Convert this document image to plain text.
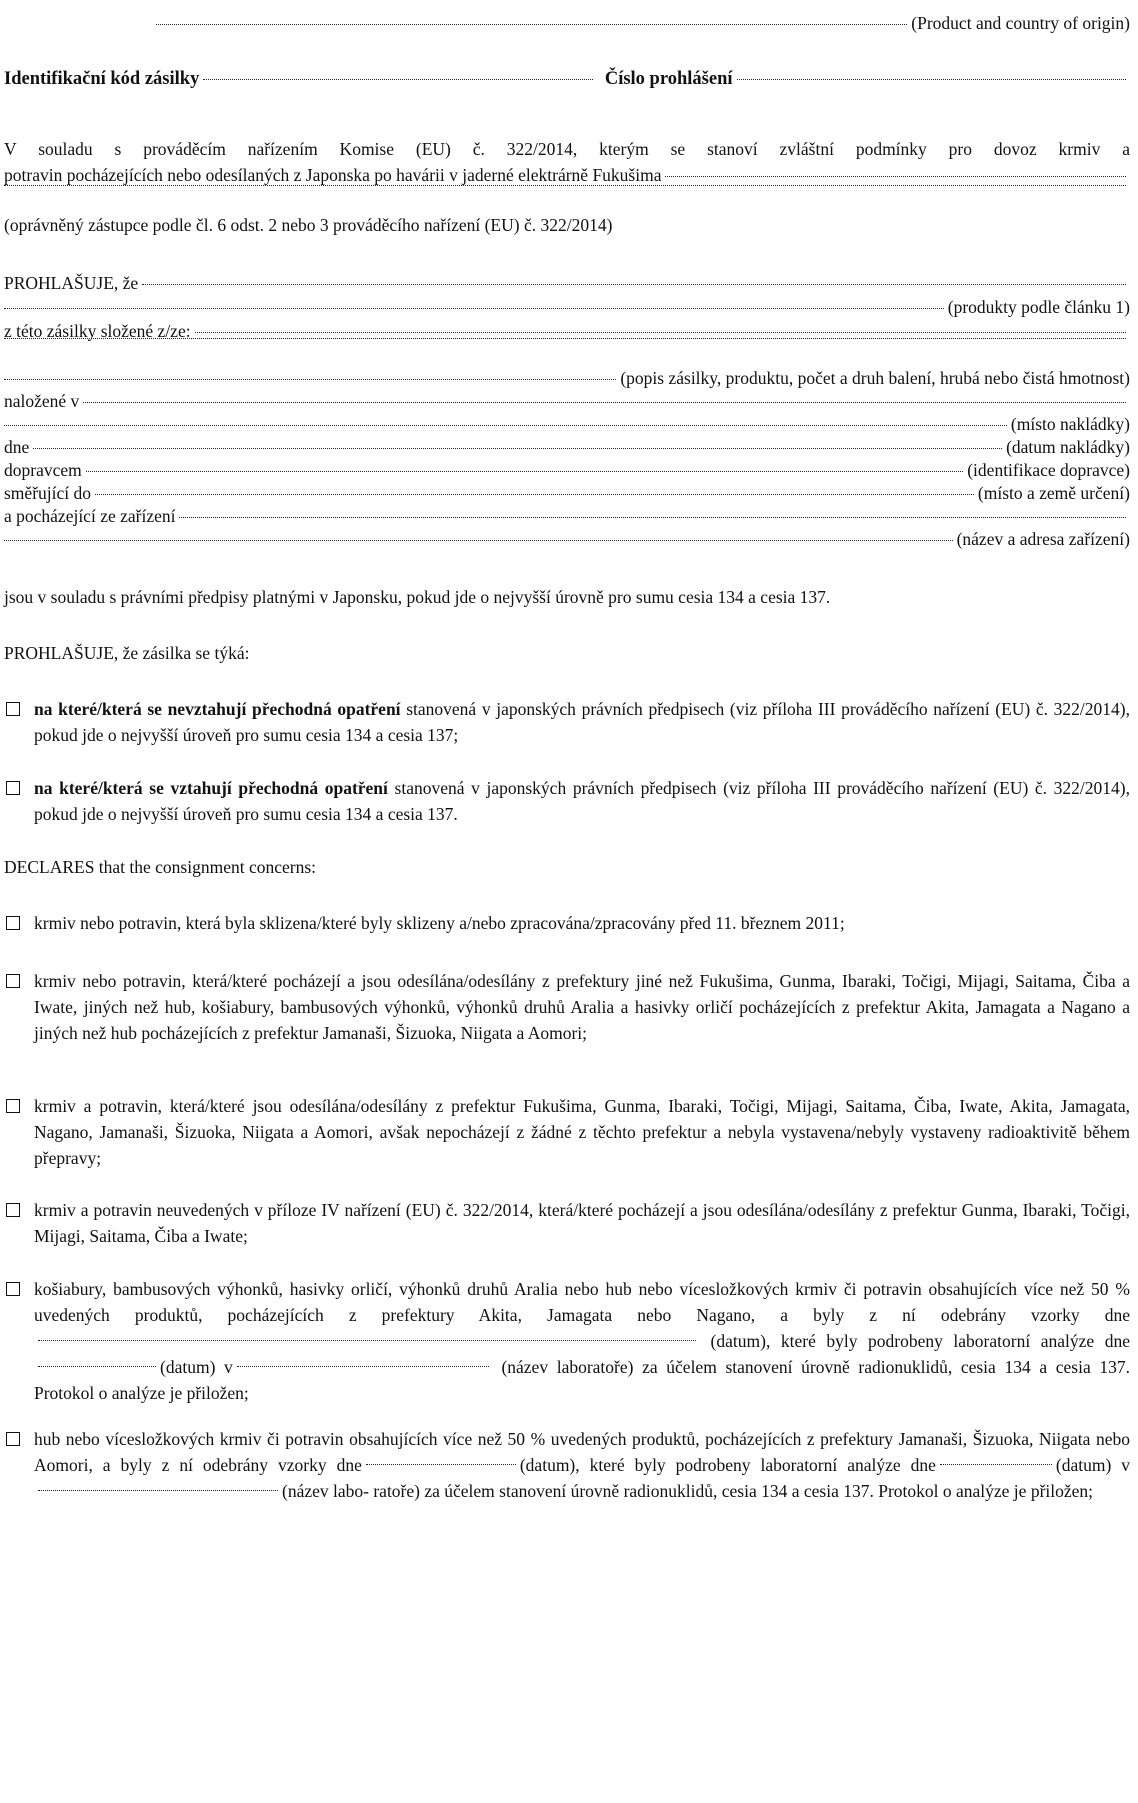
(Product and country of origin)
Identifikační kód zásilky	Číslo prohlášení
V souladu s prováděcím nařízením Komise (EU) č. 322/2014, kterým se stanoví zvláštní podmínky pro dovoz krmiv a
potravin pocházejících nebo odesílaných z Japonska po havárii v jaderné elektrárně Fukušima
(oprávněný zástupce podle čl. 6 odst. 2 nebo 3 prováděcího nařízení (EU) č. 322/2014)
PROHLAŠUJE, že
(produkty podle článku 1)
z této zásilky složené z/ze:
(popis zásilky, produktu, počet a druh balení, hrubá nebo čistá hmotnost)
naložené v
(místo nakládky)
dne	(datum nakládky)
dopravcem	(identifikace dopravce)
směřující do	(místo a země určení)
a pocházející ze zařízení
(název a adresa zařízení)
jsou v souladu s právními předpisy platnými v Japonsku, pokud jde o nejvyšší úrovně pro sumu cesia 134 a cesia 137.
PROHLAŠUJE, že zásilka se týká:
na které/která se nevztahují přechodná opatření stanovená v japonských právních předpisech (viz příloha III prováděcího nařízení (EU) č. 322/2014), pokud jde o nejvyšší úroveň pro sumu cesia 134 a cesia 137;
na které/která se vztahují přechodná opatření stanovená v japonských právních předpisech (viz příloha III prováděcího nařízení (EU) č. 322/2014), pokud jde o nejvyšší úroveň pro sumu cesia 134 a cesia 137.
DECLARES that the consignment concerns:
krmiv nebo potravin, která byla sklizena/které byly sklizeny a/nebo zpracována/zpracovány před 11. březnem 2011;
krmiv nebo potravin, která/které pocházejí a jsou odesílána/odesílány z prefektury jiné než Fukušima, Gunma, Ibaraki, Točigi, Mijagi, Saitama, Čiba a Iwate, jiných než hub, košiabury, bambusových výhonků, výhonků druhů Aralia a hasivky orličí pocházejících z prefektur Akita, Jamagata a Nagano a jiných než hub pocházejících z prefektur Jamanaši, Šizuoka, Niigata a Aomori;
krmiv a potravin, která/které jsou odesílána/odesílány z prefektur Fukušima, Gunma, Ibaraki, Točigi, Mijagi, Saitama, Čiba, Iwate, Akita, Jamagata, Nagano, Jamanaši, Šizuoka, Niigata a Aomori, avšak nepocházejí z žádné z těchto prefektur a nebyla vystavena/nebyly vystaveny radioaktivitě během přepravy;
krmiv a potravin neuvedených v příloze IV nařízení (EU) č. 322/2014, která/které pocházejí a jsou odesílána/odesílány z prefektur Gunma, Ibaraki, Točigi, Mijagi, Saitama, Čiba a Iwate;
košiabury, bambusových výhonků, hasivky orličí, výhonků druhů Aralia nebo hub nebo vícesložkových krmiv či potravin obsahujících více než 50 % uvedených produktů, pocházejících z prefektury Akita, Jamagata nebo Nagano, a byly z ní odebrány vzorky dne (datum), které byly podrobeny laboratorní analýze dne(datum) v	(název laboratoře) za účelem stanovení úrovně radionuklidů, cesia 134 a cesia 137. Protokol o analýze je přiložen;
hub nebo vícesložkových krmiv či potravin obsahujících více než 50 % uvedených produktů, pocházejících z prefektury Jamanaši, Šizuoka, Niigata nebo Aomori, a byly z ní odebrány vzorky dne	(datum), které byly podrobeny laboratorní analýze dne	(datum) v(název labo- ratoře) za účelem stanovení úrovně radionuklidů, cesia 134 a cesia 137. Protokol o analýze je přiložen;
